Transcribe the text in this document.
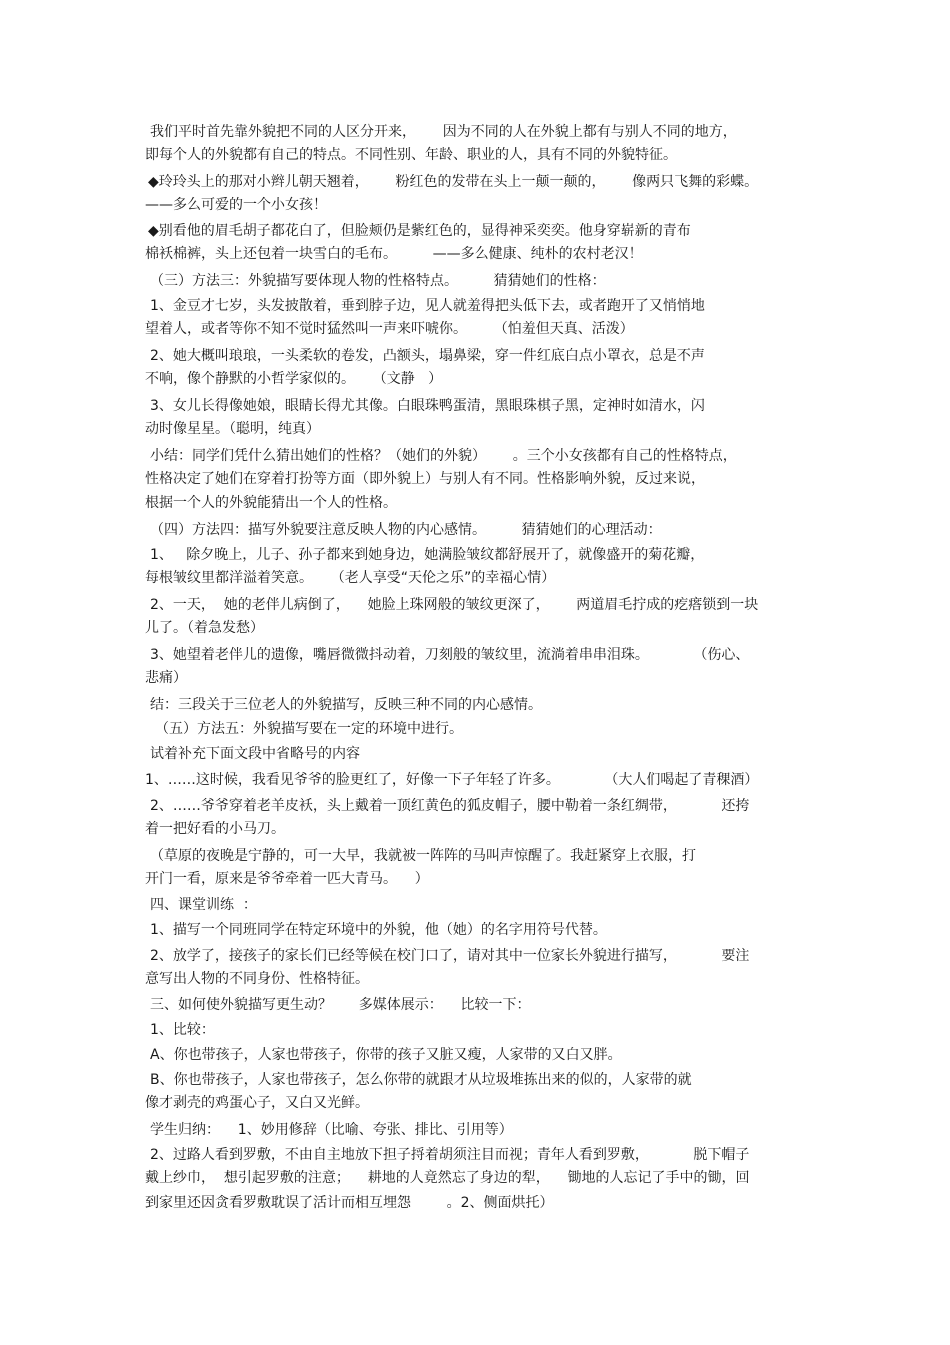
我们平时首先靠外貌把不同的人区分开来，      因为不同的人在外貌上都有与别人不同的地方，
即每个人的外貌都有自己的特点。不同性别、年龄、职业的人，具有不同的外貌特征。
◆玲玲头上的那对小辫儿朝天翘着，      粉红色的发带在头上一颠一颠的，      像两只飞舞的彩蝶。
——多么可爱的一个小女孩！
◆别看他的眉毛胡子都花白了，但脸颊仍是紫红色的，显得神采奕奕。他身穿崭新的青布
棉袄棉裤，头上还包着一块雪白的毛布。        ——多么健康、纯朴的农村老汉！
（三）方法三：外貌描写要体现人物的性格特点。        猜猜她们的性格：
1、金豆才七岁，头发披散着，垂到脖子边，见人就羞得把头低下去，或者跑开了又悄悄地
望着人，或者等你不知不觉时猛然叫一声来吓唬你。      （怕羞但天真、活泼）
2、她大概叫琅琅，一头柔软的卷发，凸额头，塌鼻梁，穿一件红底白点小罩衣，总是不声
不响，像个静默的小哲学家似的。    （文静   ）
3、女儿长得像她娘，眼睛长得尤其像。白眼珠鸭蛋清，黑眼珠棋子黑，定神时如清水，闪
动时像星星。（聪明，纯真）
小结：同学们凭什么猜出她们的性格？（她们的外貌）      。三个小女孩都有自己的性格特点，
性格决定了她们在穿着打扮等方面（即外貌上）与别人有不同。性格影响外貌，反过来说，
根据一个人的外貌能猜出一个人的性格。
（四）方法四：描写外貌要注意反映人物的内心感情。        猜猜她们的心理活动：
1、   除夕晚上，儿子、孙子都来到她身边，她满脸皱纹都舒展开了，就像盛开的菊花瓣，
每根皱纹里都洋溢着笑意。    （老人享受“天伦之乐”的幸福心情）
2、一天，  她的老伴儿病倒了，    她脸上珠网般的皱纹更深了，      两道眉毛拧成的疙瘩锁到一块
儿了。（着急发愁）
3、她望着老伴儿的遗像，嘴唇微微抖动着，刀刻般的皱纹里，流淌着串串泪珠。          （伤心、
悲痛）
结：三段关于三位老人的外貌描写，反映三种不同的内心感情。
（五）方法五：外貌描写要在一定的环境中进行。
试着补充下面文段中省略号的内容
1、……这时候，我看见爷爷的脸更红了，好像一下子年轻了许多。          （大人们喝起了青稞酒）
2、……爷爷穿着老羊皮袄，头上戴着一顶红黄色的狐皮帽子，腰中勒着一条红绸带，          还挎
着一把好看的小马刀。
（草原的夜晚是宁静的，可一大早，我就被一阵阵的马叫声惊醒了。我赶紧穿上衣服，打
开门一看，原来是爷爷牵着一匹大青马。    ）
四、课堂训练  ：
1、描写一个同班同学在特定环境中的外貌，他（她）的名字用符号代替。
2、放学了，接孩子的家长们已经等候在校门口了，请对其中一位家长外貌进行描写，          要注
意写出人物的不同身份、性格特征。
三、如何使外貌描写更生动？      多媒体展示：    比较一下：
1、比较：
A、你也带孩子，人家也带孩子，你带的孩子又脏又瘦，人家带的又白又胖。
B、你也带孩子，人家也带孩子，怎么你带的就跟才从垃圾堆拣出来的似的，人家带的就
像才剥壳的鸡蛋心子，又白又光鲜。
学生归纳：    1、妙用修辞（比喻、夸张、排比、引用等）
2、过路人看到罗敷，不由自主地放下担子捋着胡须注目而视；青年人看到罗敷，          脱下帽子
戴上纱巾，  想引起罗敷的注意；    耕地的人竟然忘了身边的犁，    锄地的人忘记了手中的锄，回
到家里还因贪看罗敷耽误了活计而相互埋怨        。2、侧面烘托）
